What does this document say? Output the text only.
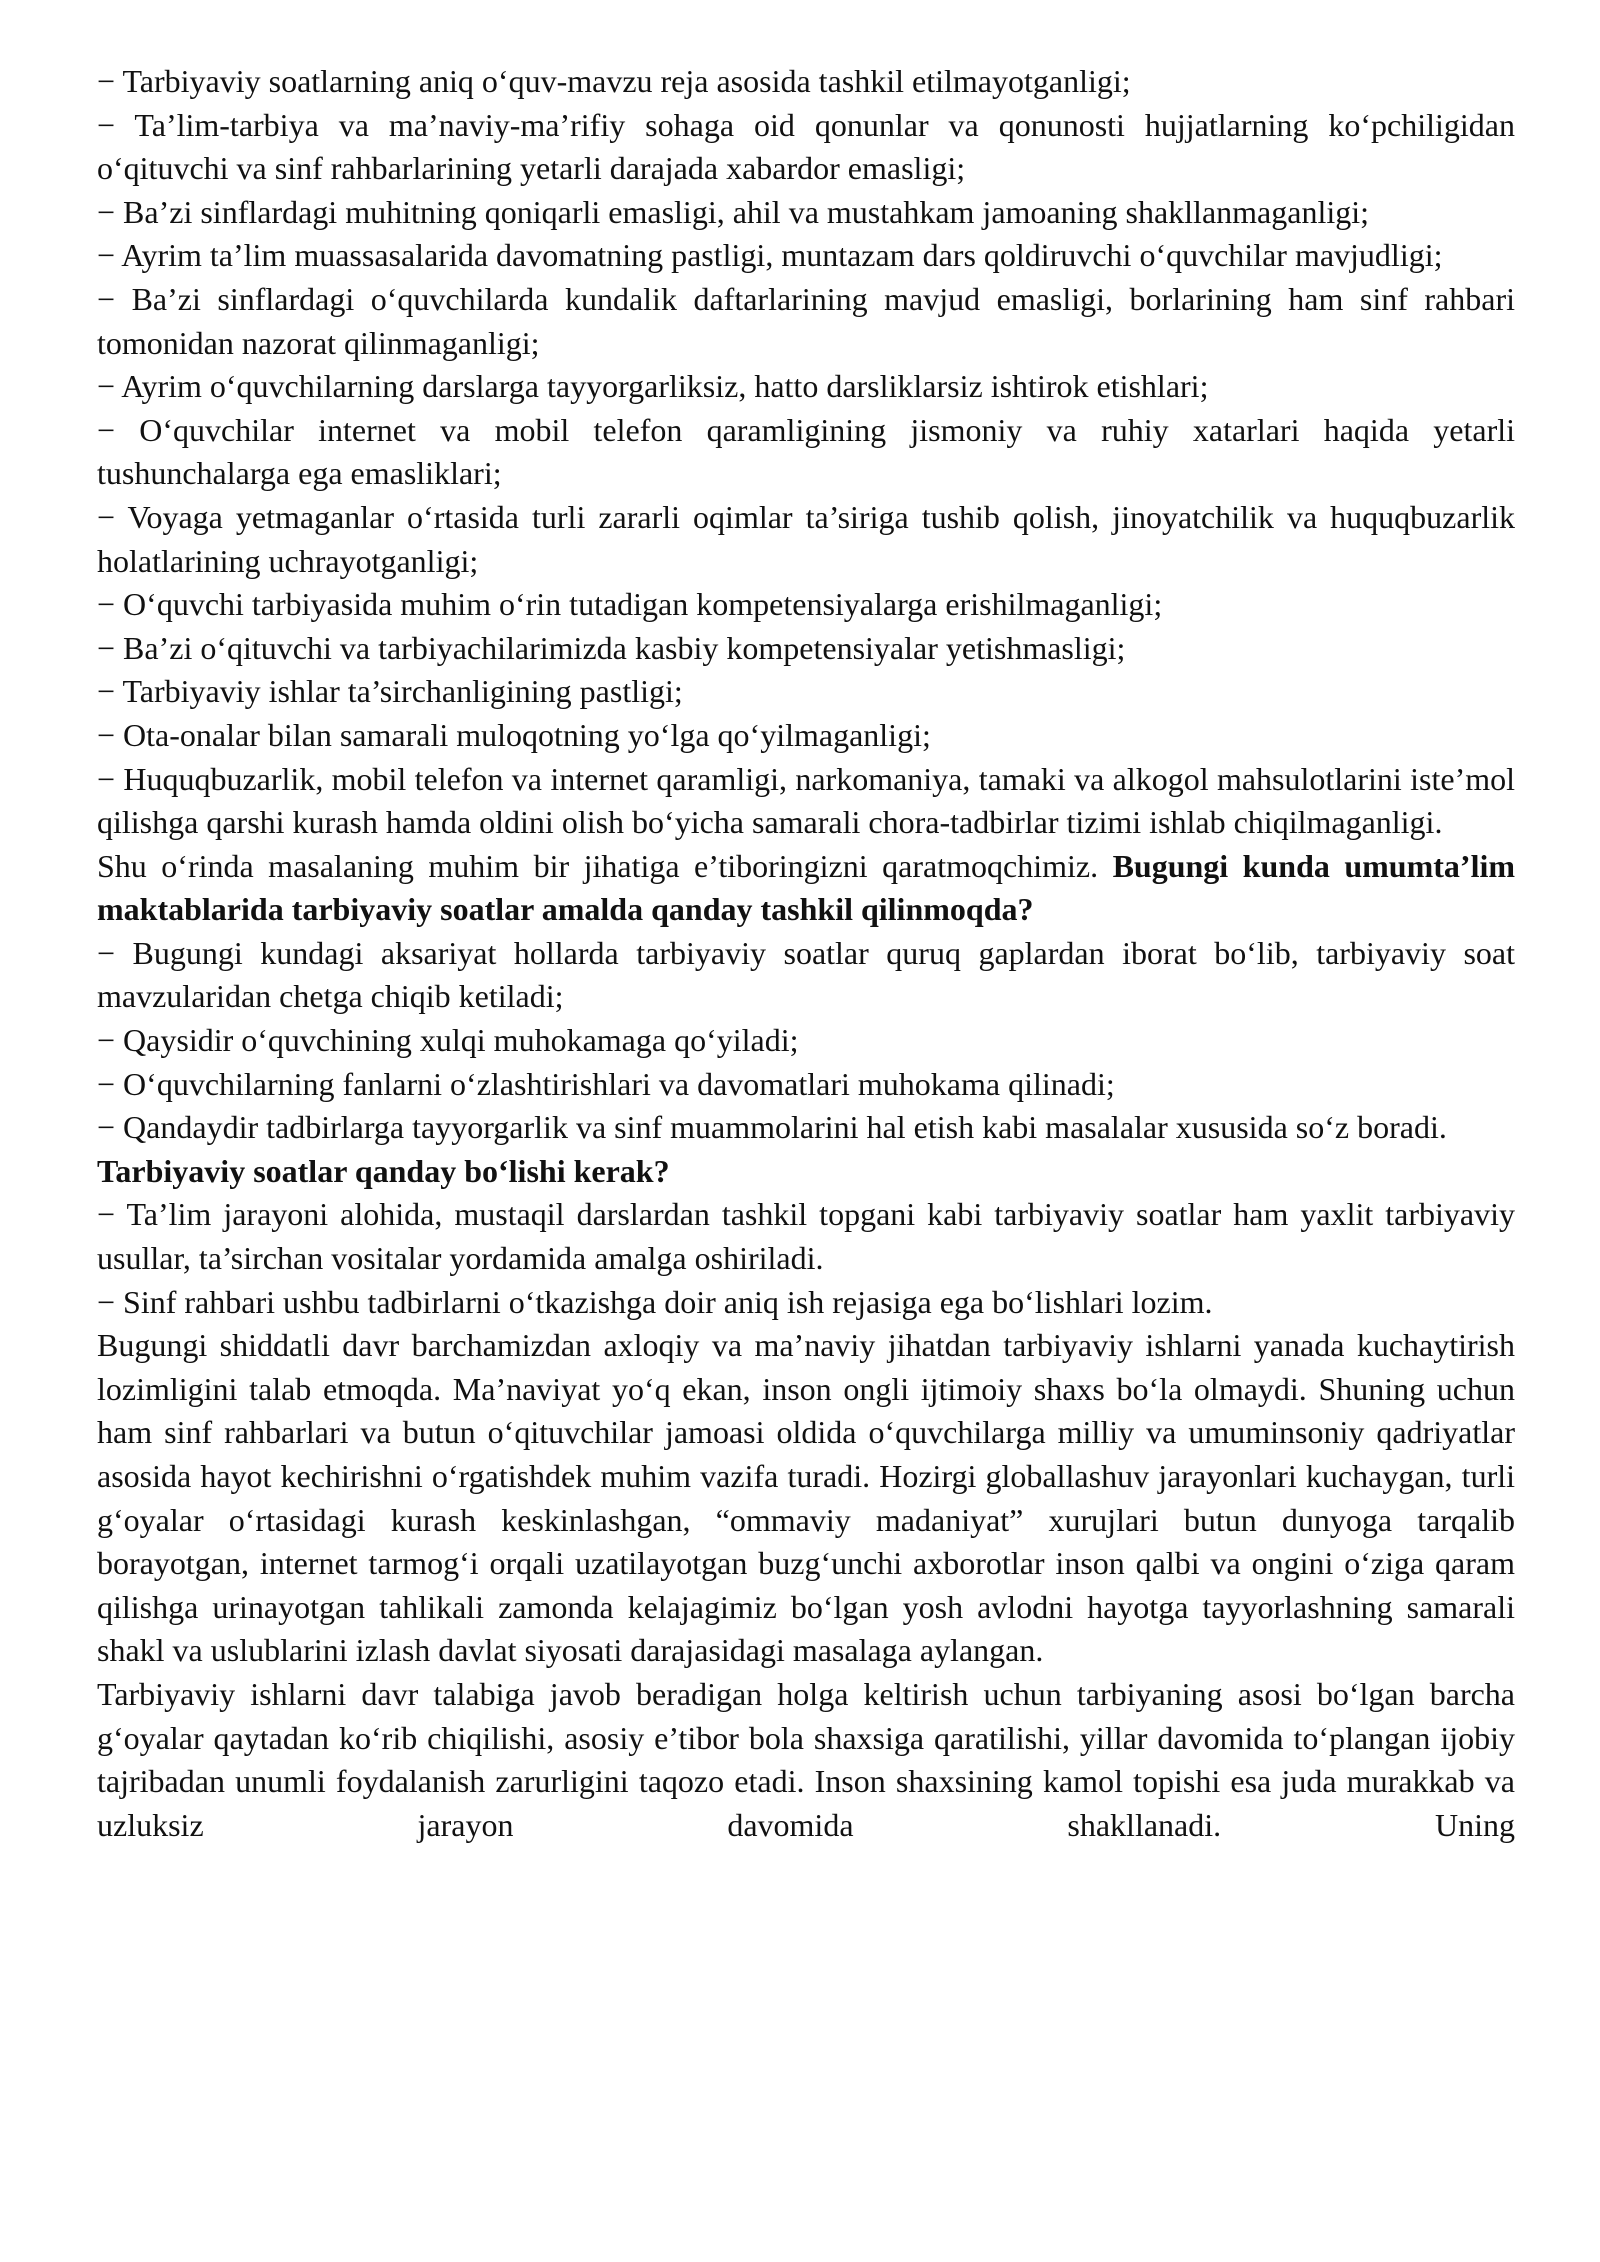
− Tarbiyaviy soatlarning aniq o‘quv-mavzu reja asosida tashkil etilmayotganligi;

− Ta’lim-tarbiya va ma’naviy-ma’rifiy sohaga oid qonunlar va qonunosti hujjatlarning ko‘pchiligidan o‘qituvchi va sinf rahbarlarining yetarli darajada xabardor emasligi;

− Ba’zi sinflardagi muhitning qoniqarli emasligi, ahil va mustahkam jamoaning shakllanmaganligi;

− Ayrim ta’lim muassasalarida davomatning pastligi, muntazam dars qoldiruvchi o‘quvchilar mavjudligi;

− Ba’zi sinflardagi o‘quvchilarda kundalik daftarlarining mavjud emasligi, borlarining ham sinf rahbari tomonidan nazorat qilinmaganligi;

− Ayrim o‘quvchilarning darslarga tayyorgarliksiz, hatto darsliklarsiz ishtirok etishlari;

− O‘quvchilar internet va mobil telefon qaramligining jismoniy va ruhiy xatarlari haqida yetarli tushunchalarga ega emasliklari;

− Voyaga yetmaganlar o‘rtasida turli zararli oqimlar ta’siriga tushib qolish, jinoyatchilik va huquqbuzarlik holatlarining uchrayotganligi;

− O‘quvchi tarbiyasida muhim o‘rin tutadigan kompetensiyalarga erishilmaganligi;

− Ba’zi o‘qituvchi va tarbiyachilarimizda kasbiy kompetensiyalar yetishmasligi;

− Tarbiyaviy ishlar ta’sirchanligining pastligi;

− Ota-onalar bilan samarali muloqotning yo‘lga qo‘yilmaganligi;

− Huquqbuzarlik, mobil telefon va internet qaramligi, narkomaniya, tamaki va alkogol mahsulotlarini iste’mol qilishga qarshi kurash hamda oldini olish bo‘yicha samarali chora-tadbirlar tizimi ishlab chiqilmaganligi.

Shu o‘rinda masalaning muhim bir jihatiga e’tiboringizni qaratmoqchimiz. Bugungi kunda umumta’lim maktablarida tarbiyaviy soatlar amalda qanday tashkil qilinmoqda?

− Bugungi kundagi aksariyat hollarda tarbiyaviy soatlar quruq gaplardan iborat bo‘lib, tarbiyaviy soat mavzularidan chetga chiqib ketiladi;

− Qaysidir o‘quvchining xulqi muhokamaga qo‘yiladi;

− O‘quvchilarning fanlarni o‘zlashtirishlari va davomatlari muhokama qilinadi;

− Qandaydir tadbirlarga tayyorgarlik va sinf muammolarini hal etish kabi masalalar xususida so‘z boradi.

Tarbiyaviy soatlar qanday bo‘lishi kerak?

− Ta’lim jarayoni alohida, mustaqil darslardan tashkil topgani kabi tarbiyaviy soatlar ham yaxlit tarbiyaviy usullar, ta’sirchan vositalar yordamida amalga oshiriladi.

− Sinf rahbari ushbu tadbirlarni o‘tkazishga doir aniq ish rejasiga ega bo‘lishlari lozim.

Bugungi shiddatli davr barchamizdan axloqiy va ma’naviy jihatdan tarbiyaviy ishlarni yanada kuchaytirish lozimligini talab etmoqda. Ma’naviyat yo‘q ekan, inson ongli ijtimoiy shaxs bo‘la olmaydi. Shuning uchun ham sinf rahbarlari va butun o‘qituvchilar jamoasi oldida o‘quvchilarga milliy va umuminsoniy qadriyatlar asosida hayot kechirishni o‘rgatishdek muhim vazifa turadi. Hozirgi globallashuv jarayonlari kuchaygan, turli g‘oyalar o‘rtasidagi kurash keskinlashgan, “ommaviy madaniyat” xurujlari butun dunyoga tarqalib borayotgan, internet tarmog‘i orqali uzatilayotgan buzg‘unchi axborotlar inson qalbi va ongini o‘ziga qaram qilishga urinayotgan tahlikali zamonda kelajagimiz bo‘lgan yosh avlodni hayotga tayyorlashning samarali shakl va uslublarini izlash davlat siyosati darajasidagi masalaga aylangan.

Tarbiyaviy ishlarni davr talabiga javob beradigan holga keltirish uchun tarbiyaning asosi bo‘lgan barcha g‘oyalar qaytadan ko‘rib chiqilishi, asosiy e’tibor bola shaxsiga qaratilishi, yillar davomida to‘plangan ijobiy tajribadan unumli foydalanish zarurligini taqozo etadi. Inson shaxsining kamol topishi esa juda murakkab va uzluksiz jarayon davomida shakllanadi. Uning
